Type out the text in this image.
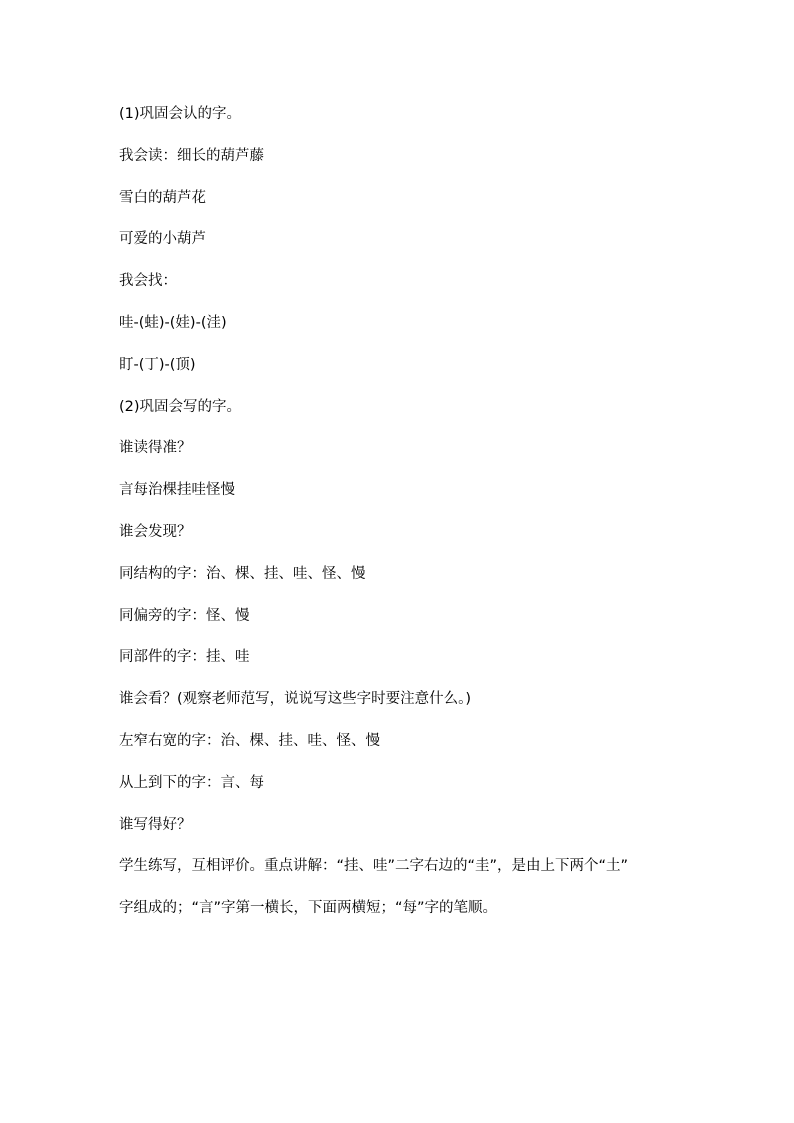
(1)巩固会认的字。
我会读：细长的葫芦藤
雪白的葫芦花
可爱的小葫芦
我会找：
哇-(蛙)-(娃)-(洼)
盯-(丁)-(顶)
(2)巩固会写的字。
谁读得准？
言每治棵挂哇怪慢
谁会发现？
同结构的字：治、棵、挂、哇、怪、慢
同偏旁的字：怪、慢
同部件的字：挂、哇
谁会看？(观察老师范写，说说写这些字时要注意什么。)
左窄右宽的字：治、棵、挂、哇、怪、慢
从上到下的字：言、每
谁写得好？
学生练写，互相评价。重点讲解：“挂、哇”二字右边的“圭”，是由上下两个“土”
字组成的；“言”字第一横长，下面两横短；“每”字的笔顺。
